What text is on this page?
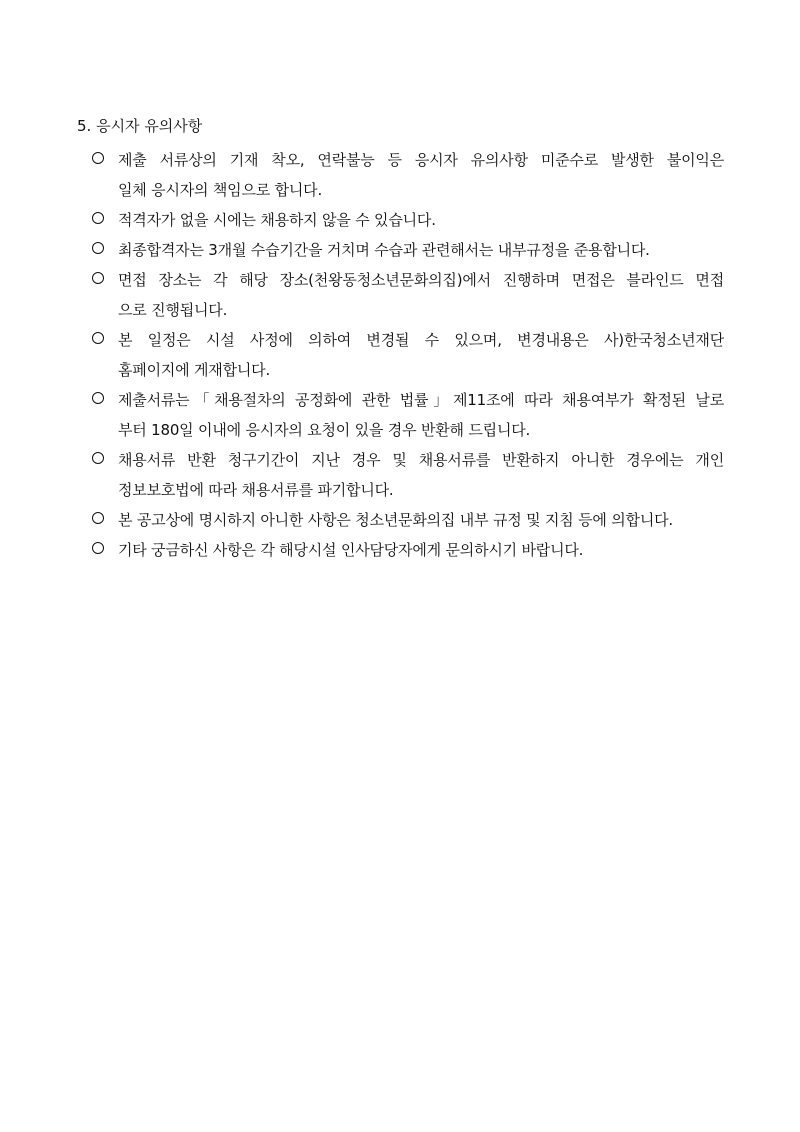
5. 응시자 유의사항
제출 서류상의 기재 착오, 연락불능 등 응시자 유의사항 미준수로 발생한 불이익은
일체 응시자의 책임으로 합니다.
적격자가 없을 시에는 채용하지 않을 수 있습니다.
최종합격자는 3개월 수습기간을 거치며 수습과 관련해서는 내부규정을 준용합니다.
면접 장소는 각 해당 장소(천왕동청소년문화의집)에서 진행하며 면접은 블라인드 면접
으로 진행됩니다.
본 일정은 시설 사정에 의하여 변경될 수 있으며, 변경내용은 사)한국청소년재단
홈페이지에 게재합니다.
제출서류는「채용절차의 공정화에 관한 법률」제11조에 따라 채용여부가 확정된 날로
부터 180일 이내에 응시자의 요청이 있을 경우 반환해 드립니다.
채용서류 반환 청구기간이 지난 경우 및 채용서류를 반환하지 아니한 경우에는 개인
정보보호법에 따라 채용서류를 파기합니다.
본 공고상에 명시하지 아니한 사항은 청소년문화의집 내부 규정 및 지침 등에 의합니다.
기타 궁금하신 사항은 각 해당시설 인사담당자에게 문의하시기 바랍니다.
